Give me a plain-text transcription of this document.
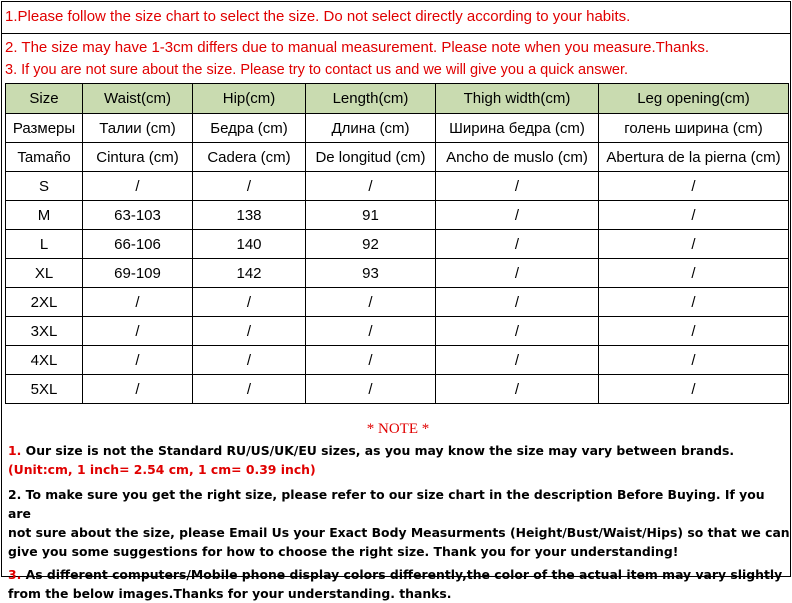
1.Please follow the size chart to select the size. Do not select directly according to your habits.
2. The size may have 1-3cm differs due to manual measurement. Please note when you measure.Thanks.
3. If you are not sure about the size. Please try to contact us and we will give you a quick answer.
Size	Waist(cm)	Hip(cm)	Length(cm)	Thigh width(cm)	Leg opening(cm)
Размеры	Талии (cm)	Бедра (cm)	Длина (cm)	Ширина бедра (cm)	голень ширина (cm)
Tamaño	Cintura (cm)	Cadera (cm)	De longitud (cm)	Ancho de muslo (cm)	Abertura de la pierna (cm)
S	/	/	/	/	/
M	63-103	138	91	/	/
L	66-106	140	92	/	/
XL	69-109	142	93	/	/
2XL	/	/	/	/	/
3XL	/	/	/	/	/
4XL	/	/	/	/	/
5XL	/	/	/	/	/
* NOTE *

1. Our size is not the Standard RU/US/UK/EU sizes, as you may know the size may vary between brands.

(Unit:cm, 1 inch= 2.54 cm, 1 cm= 0.39 inch)

2. To make sure you get the right size, please refer to our size chart in the description Before Buying. If you are

not sure about the size, please Email Us your Exact Body Measurments (Height/Bust/Waist/Hips) so that we can

give you some suggestions for how to choose the right size. Thank you for your understanding!

3. As different computers/Mobile phone display colors differently,the color of the actual item may vary slightly

from the below images.Thanks for your understanding. thanks.
